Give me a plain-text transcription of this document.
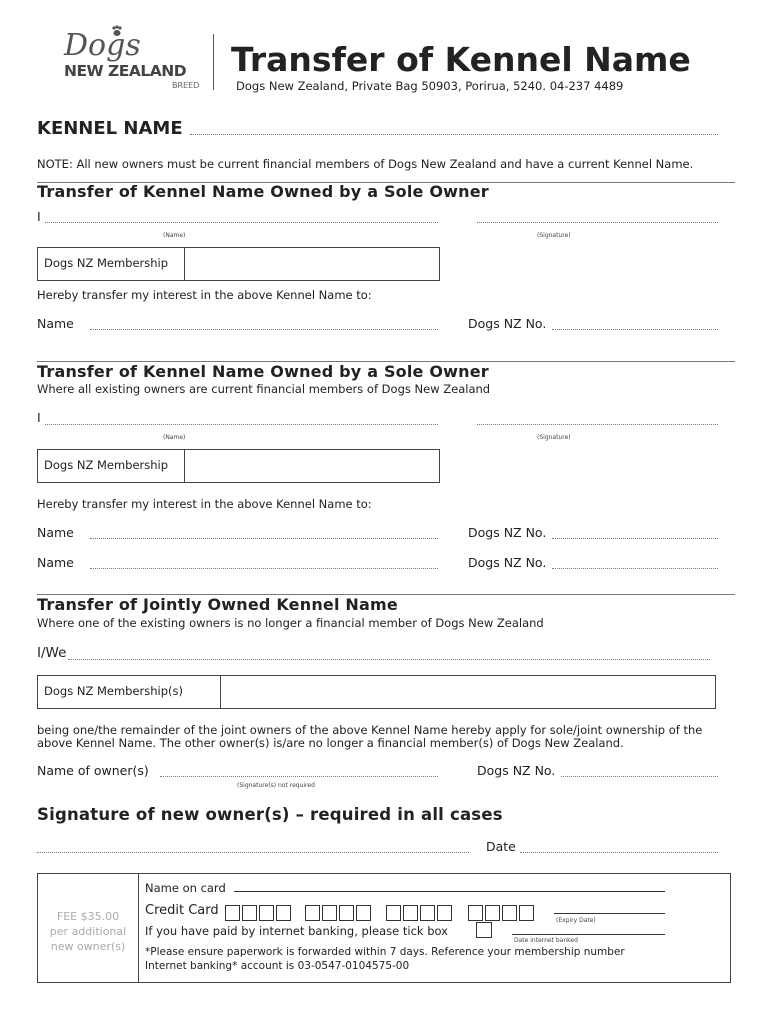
Dogs
NEW ZEALAND
BREED
Transfer of Kennel Name
Dogs New Zealand, Private Bag 50903, Porirua, 5240. 04-237 4489
KENNEL NAME
NOTE: All new owners must be current financial members of Dogs New Zealand and have a current Kennel Name.
Transfer of Kennel Name Owned by a Sole Owner
I
(Name)	(Signature)
Dogs NZ Membership
Hereby transfer my interest in the above Kennel Name to:
Name	Dogs NZ No.
Transfer of Kennel Name Owned by a Sole Owner
Where all existing owners are current financial members of Dogs New Zealand
I
(Name)	(Signature)
Dogs NZ Membership
Hereby transfer my interest in the above Kennel Name to:
Name	Dogs NZ No.
Name	Dogs NZ No.
Transfer of Jointly Owned Kennel Name
Where one of the existing owners is no longer a financial member of Dogs New Zealand
I/We
Dogs NZ Membership(s)
being one/the remainder of the joint owners of the above Kennel Name hereby apply for sole/joint ownership of the
above Kennel Name. The other owner(s) is/are no longer a financial member(s) of Dogs New Zealand.
Name of owner(s)
(Signature(s) not required
Dogs NZ No.
Signature of new owner(s) – required in all cases
Date
FEE $35.00
per additional
new owner(s)
Name on card
Credit Card
(Expiry Date)
If you have paid by internet banking, please tick box
Date internet banked
*Please ensure paperwork is forwarded within 7 days. Reference your membership number
Internet banking* account is 03-0547-0104575-00
